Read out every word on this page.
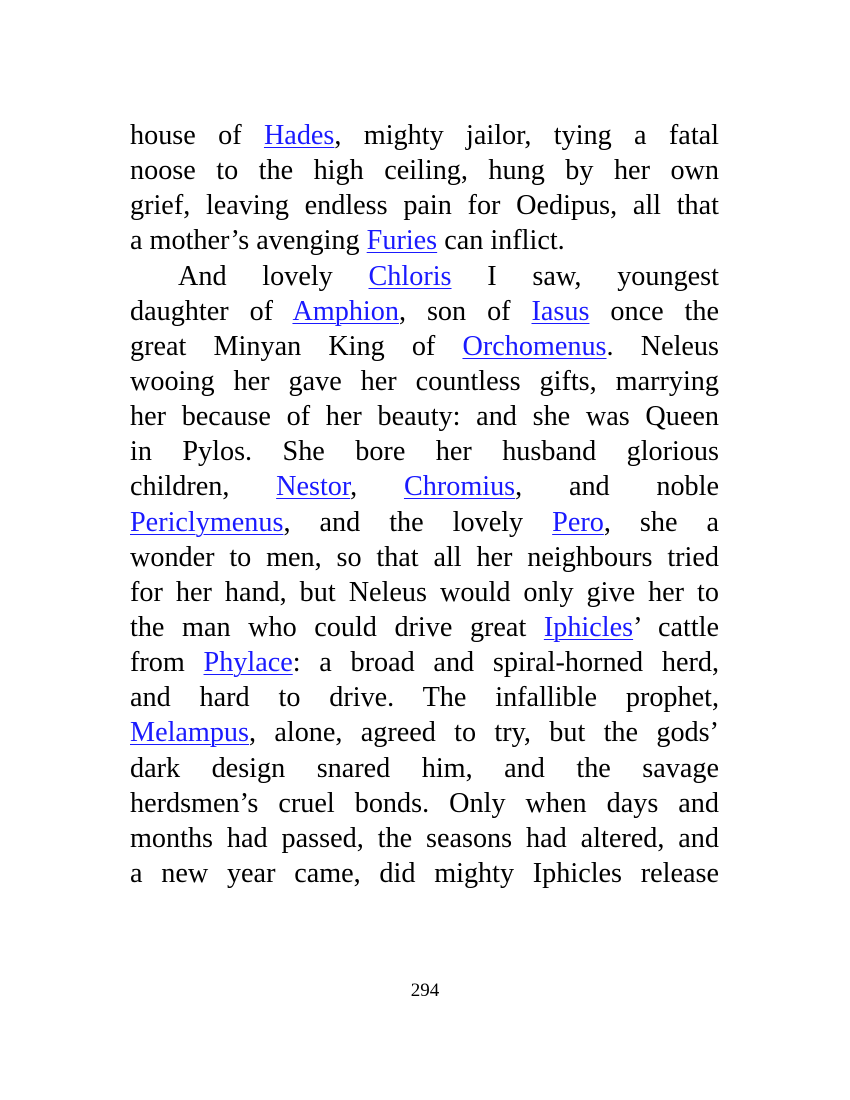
house of Hades, mighty jailor, tying a fatal
noose to the high ceiling, hung by her own
grief, leaving endless pain for Oedipus, all that
a mother’s avenging Furies can inflict.
And lovely Chloris I saw, youngest
daughter of Amphion, son of Iasus once the
great Minyan King of Orchomenus. Neleus
wooing her gave her countless gifts, marrying
her because of her beauty: and she was Queen
in Pylos. She bore her husband glorious
children, Nestor, Chromius, and noble
Periclymenus, and the lovely Pero, she a
wonder to men, so that all her neighbours tried
for her hand, but Neleus would only give her to
the man who could drive great Iphicles’ cattle
from Phylace: a broad and spiral-horned herd,
and hard to drive. The infallible prophet,
Melampus, alone, agreed to try, but the gods’
dark design snared him, and the savage
herdsmen’s cruel bonds. Only when days and
months had passed, the seasons had altered, and
a new year came, did mighty Iphicles release
294
